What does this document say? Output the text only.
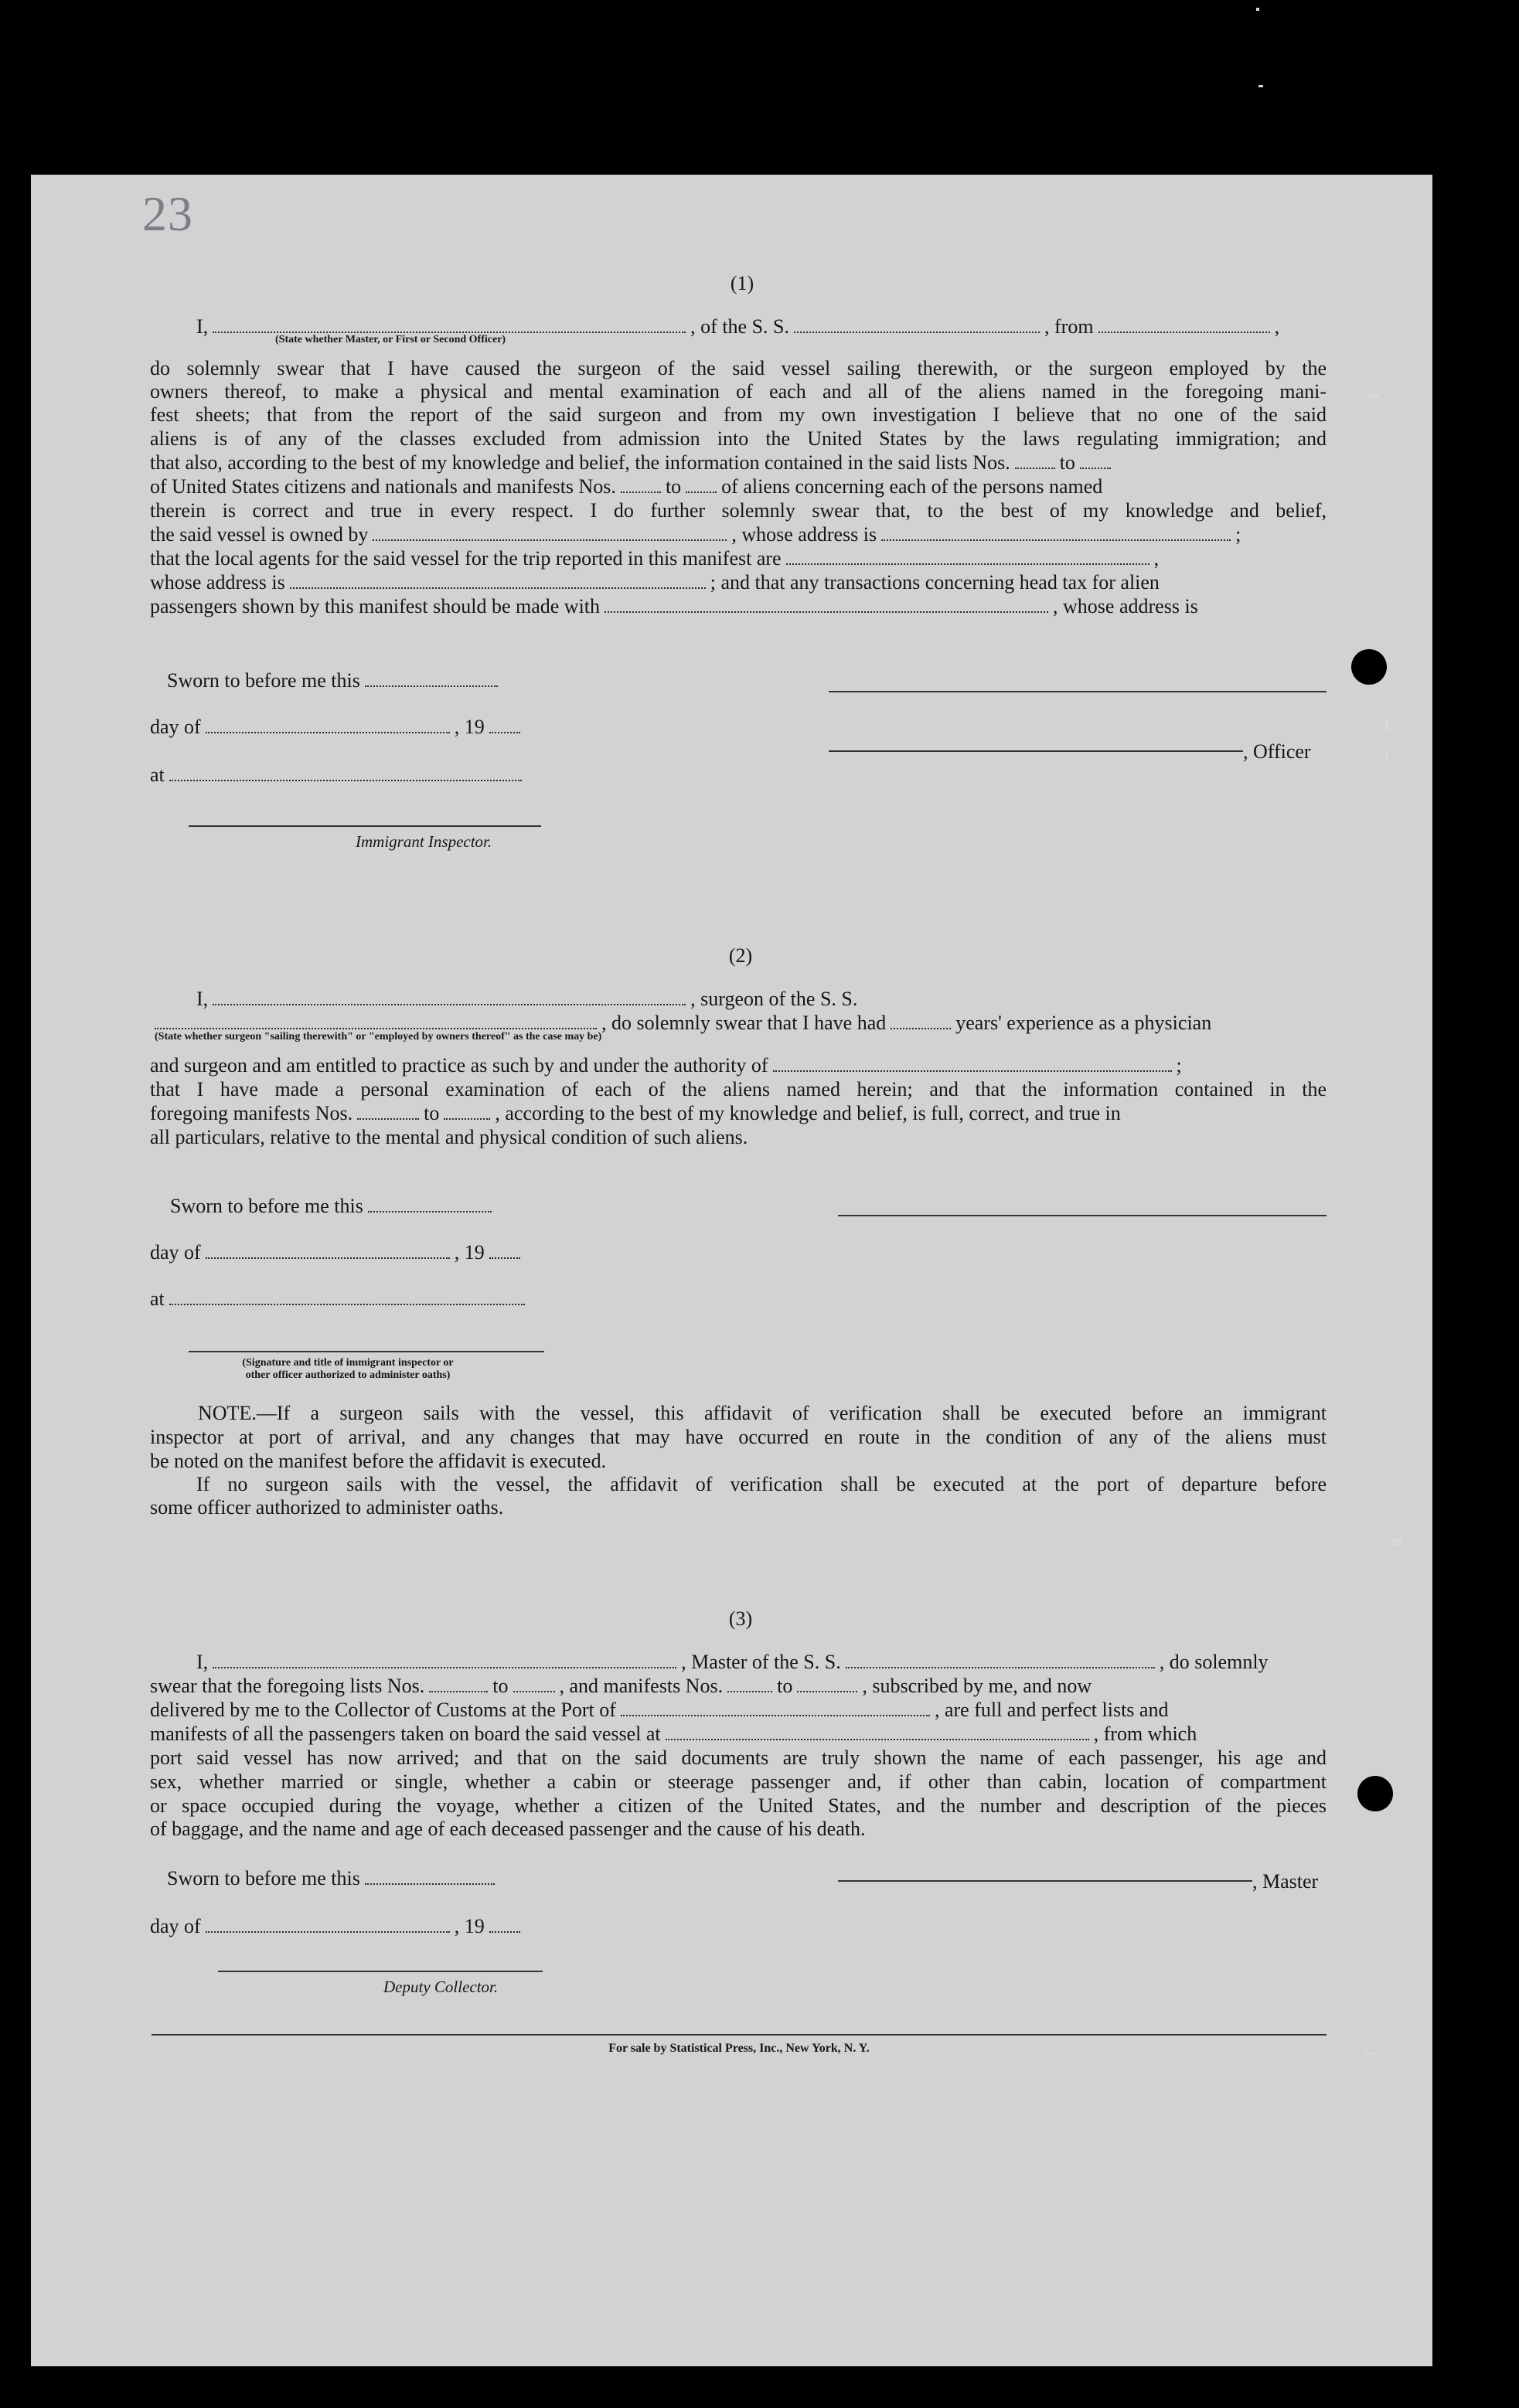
23
(1)
I,	, of the S. S.	, from	,
(State whether Master, or First or Second Officer)
do solemnly swear that I have caused the surgeon of the said vessel sailing therewith, or the surgeon employed by the
owners thereof, to make a physical and mental examination of each and all of the aliens named in the foregoing mani-
fest sheets; that from the report of the said surgeon and from my own investigation I believe that no one of the said
aliens is of any of the classes excluded from admission into the United States by the laws regulating immigration; and
that also, according to the best of my knowledge and belief, the information contained in the said lists Nos. to
of United States citizens and nationals and manifests Nos. to of aliens concerning each of the persons named
therein is correct and true in every respect. I do further solemnly swear that, to the best of my knowledge and belief,
the said vessel is owned by	, whose address is	;
that the local agents for the said vessel for the trip reported in this manifest are	,
whose address is	; and that any transactions concerning head tax for alien
passengers shown by this manifest should be made with	, whose address is
Sworn to before me this
day of	, 19
, Officer
at
Immigrant Inspector.
(2)
I,	, surgeon of the S. S.
, do solemnly swear that I have had	years' experience as a physician
(State whether surgeon "sailing therewith" or "employed by owners thereof" as the case may be)
and surgeon and am entitled to practice as such by and under the authority of	;
that I have made a personal examination of each of the aliens named herein; and that the information contained in the
foregoing manifests Nos.	to	, according to the best of my knowledge and belief, is full, correct, and true in
all particulars, relative to the mental and physical condition of such aliens.
Sworn to before me this
day of	, 19
at
(Signature and title of immigrant inspector or
other officer authorized to administer oaths)
NOTE.—If a surgeon sails with the vessel, this affidavit of verification shall be executed before an immigrant
inspector at port of arrival, and any changes that may have occurred en route in the condition of any of the aliens must
be noted on the manifest before the affidavit is executed.
If no surgeon sails with the vessel, the affidavit of verification shall be executed at the port of departure before
some officer authorized to administer oaths.
(3)
I,	, Master of the S. S.	, do solemnly
swear that the foregoing lists Nos.	to	, and manifests Nos.	to	, subscribed by me, and now
delivered by me to the Collector of Customs at the Port of	, are full and perfect lists and
manifests of all the passengers taken on board the said vessel at	, from which
port said vessel has now arrived; and that on the said documents are truly shown the name of each passenger, his age and
sex, whether married or single, whether a cabin or steerage passenger and, if other than cabin, location of compartment
or space occupied during the voyage, whether a citizen of the United States, and the number and description of the pieces
of baggage, and the name and age of each deceased passenger and the cause of his death.
Sworn to before me this	, Master
day of	, 19
Deputy Collector.
For sale by Statistical Press, Inc., New York, N. Y.
